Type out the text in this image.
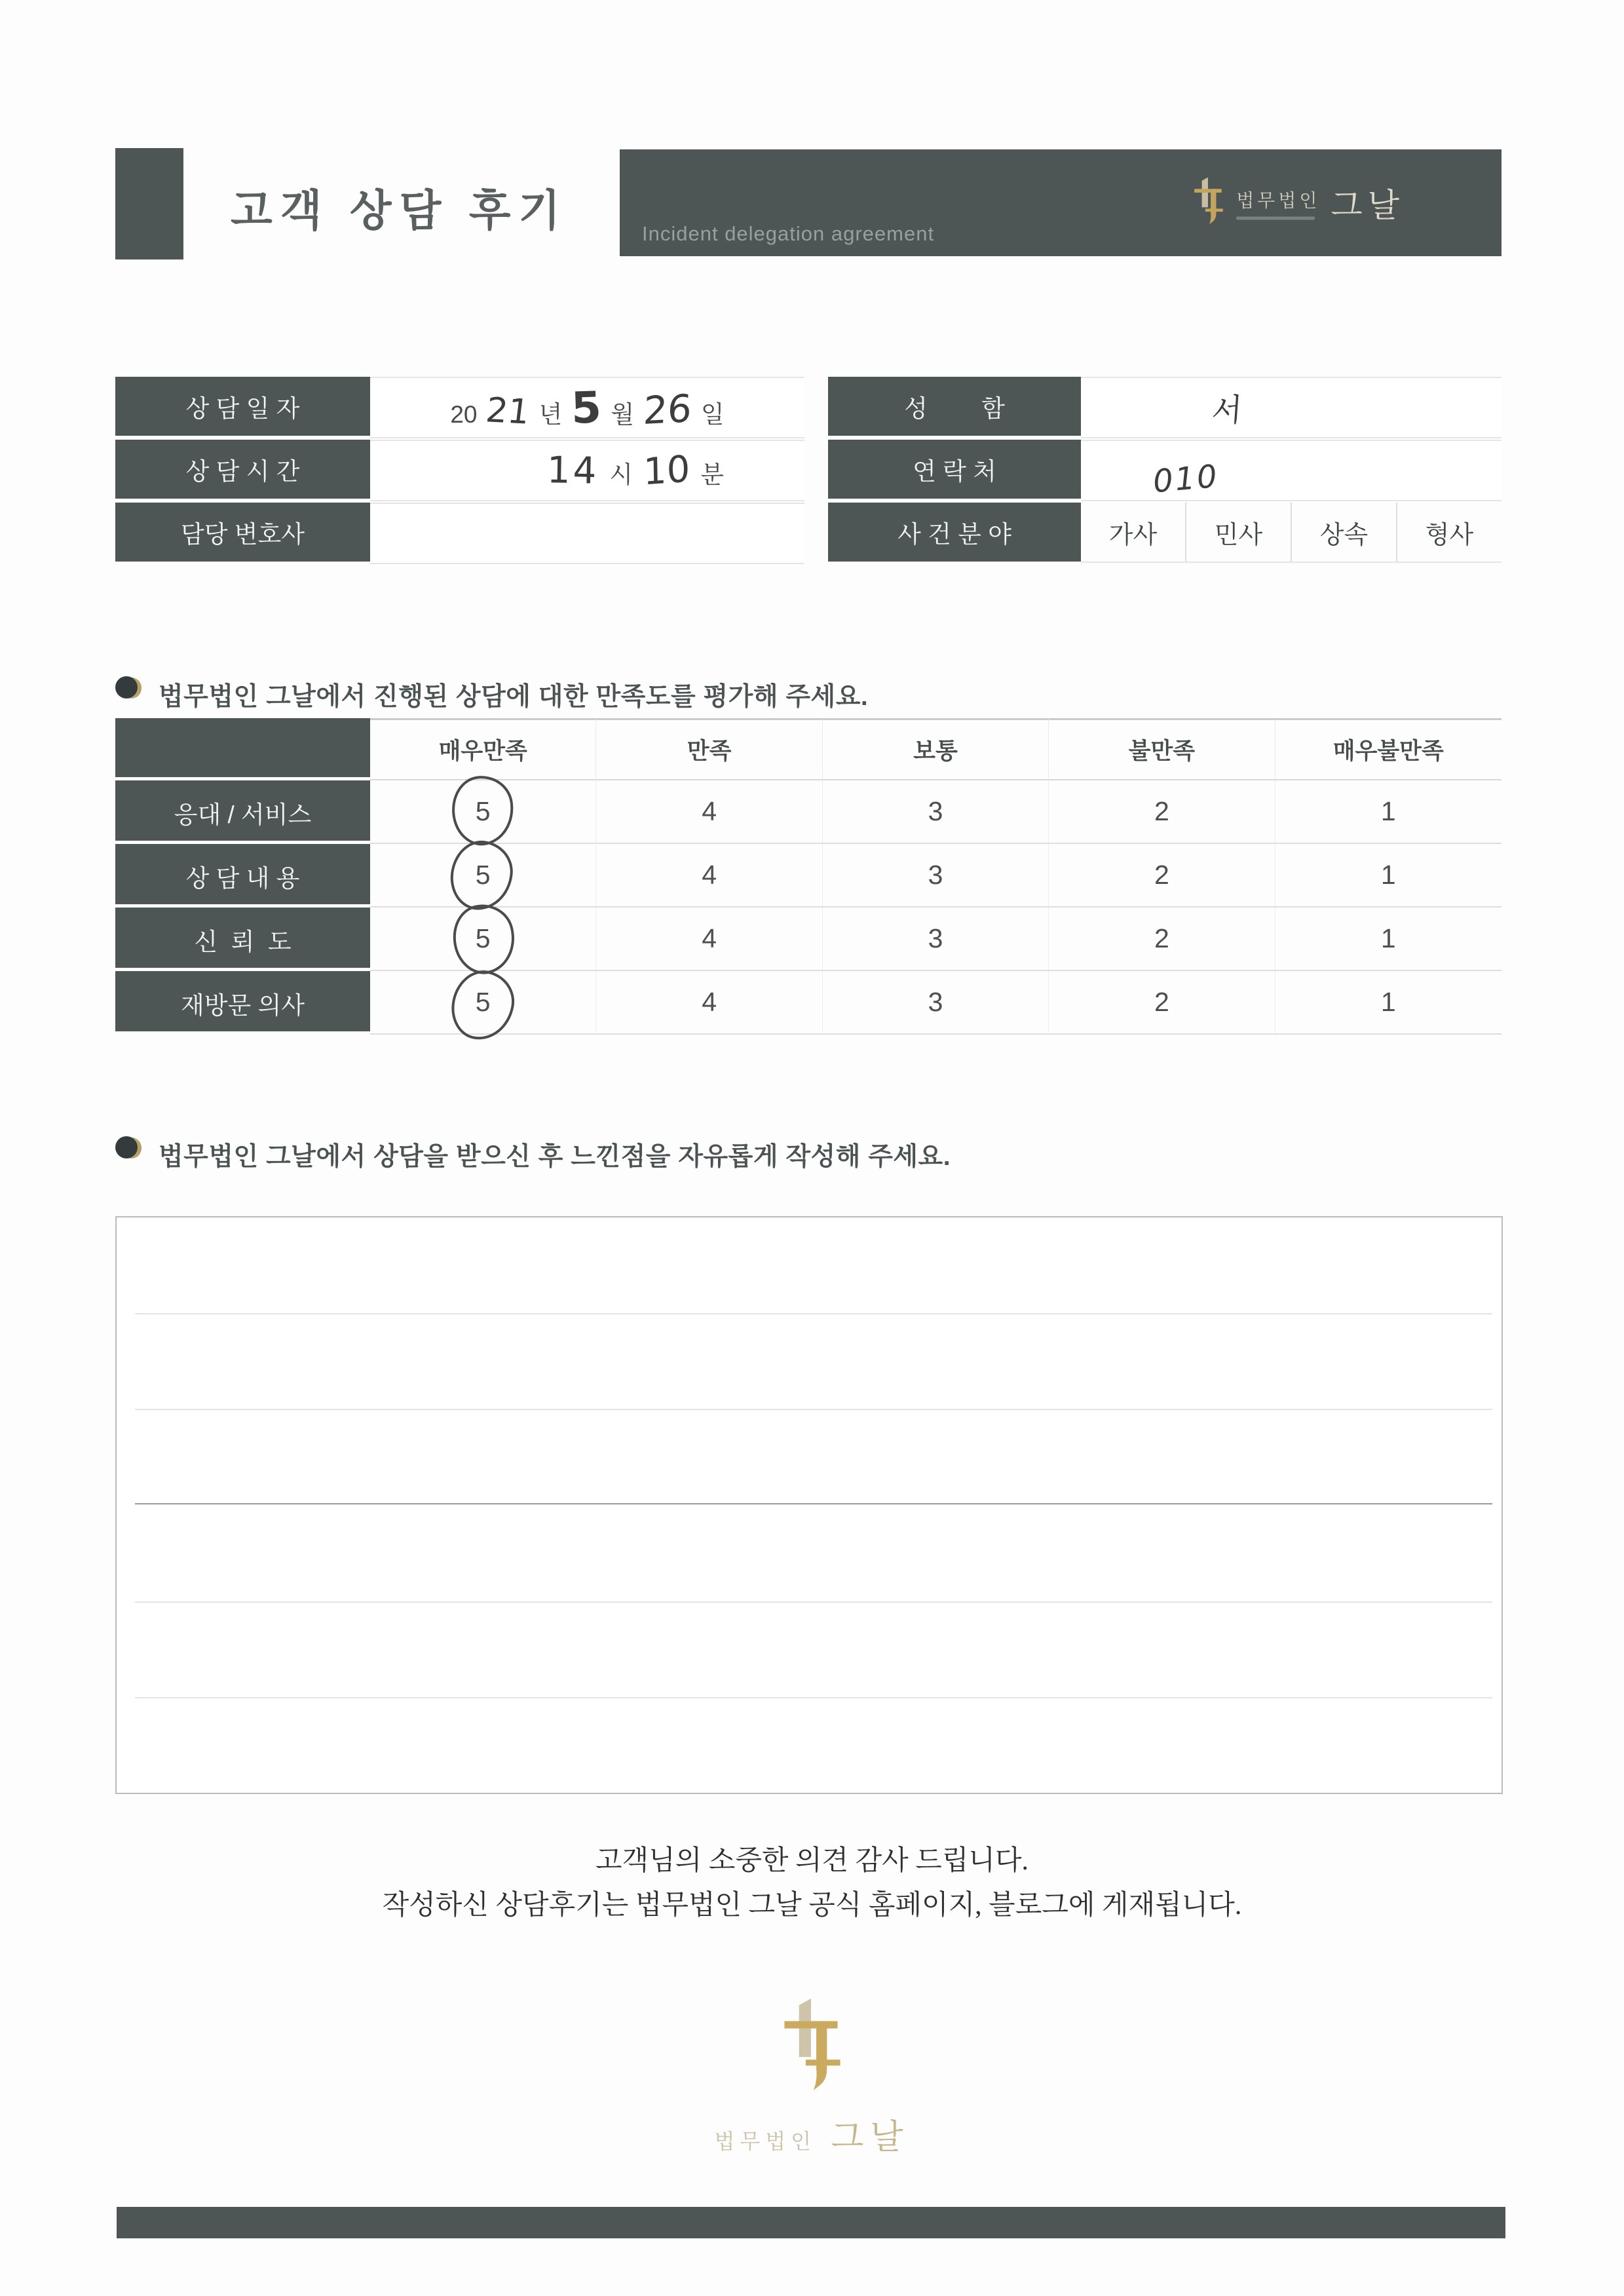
고객 상담 후기	Incident delegation agreement
법무법인 그날
상 담 일 자	20 21 년 5 월 26 일
상 담 시 간	14 시 10 분
담당 변호사
성        함	서
연 락 처	010
사 건 분 야	가사	민사	상속	형사
법무법인 그날에서 진행된 상담에 대한 만족도를 평가해 주세요.
매우만족	만족	보통	불만족	매우불만족
응대 / 서비스	5	4	3	2	1
상 담 내 용	5	4	3	2	1
신  뢰  도	5	4	3	2	1
재방문 의사	5	4	3	2	1
법무법인 그날에서 상담을 받으신 후 느낀점을 자유롭게 작성해 주세요.
고객님의 소중한 의견 감사 드립니다.
작성하신 상담후기는 법무법인 그날 공식 홈페이지, 블로그에 게재됩니다.
법무법인 그날
